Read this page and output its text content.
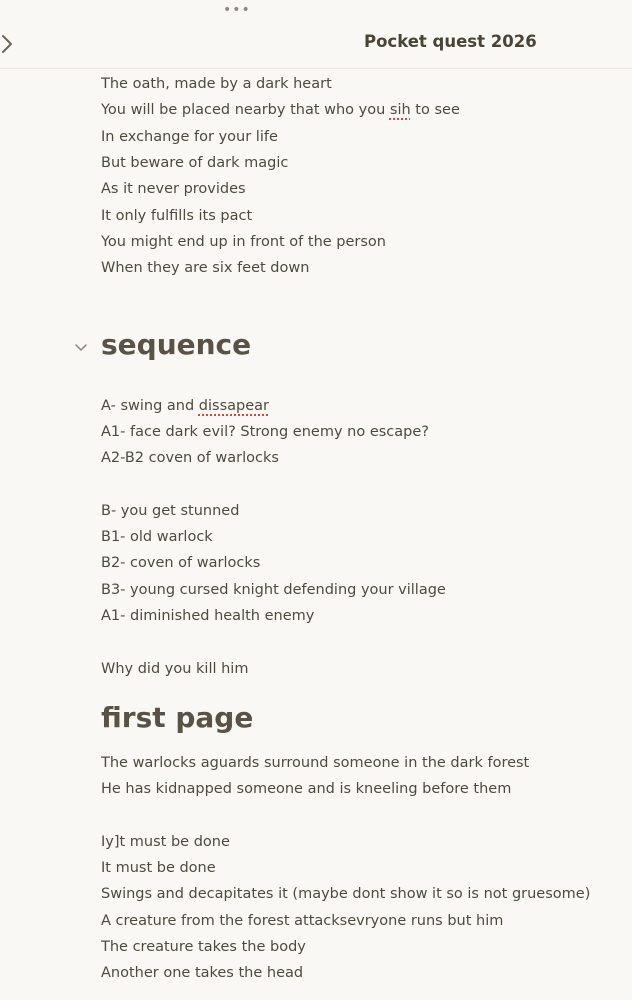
•••
Pocket quest 2026
The oath, made by a dark heart
You will be placed nearby that who you sih to see
In exchange for your life
But beware of dark magic
As it never provides
It only fulfills its pact
You might end up in front of the person
When they are six feet down
sequence
A- swing and dissapear
A1- face dark evil? Strong enemy no escape?
A2-B2 coven of warlocks
B- you get stunned
B1- old warlock
B2- coven of warlocks
B3- young cursed knight defending your village
A1- diminished health enemy
Why did you kill him
first page
The warlocks aguards surround someone in the dark forest
He has kidnapped someone and is kneeling before them
Iy]t must be done
It must be done
Swings and decapitates it (maybe dont show it so is not gruesome)
A creature from the forest attacksevryone runs but him
The creature takes the body
Another one takes the head
